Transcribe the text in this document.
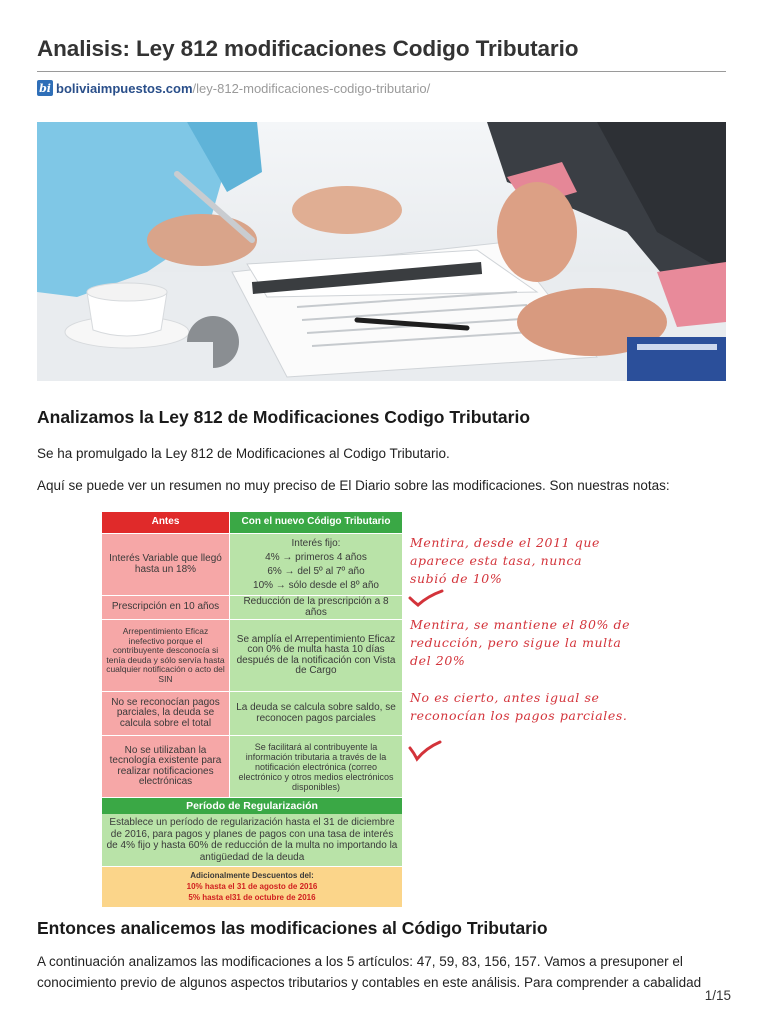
Analisis: Ley 812 modificaciones Codigo Tributario
bi boliviaimpuestos.com /ley-812-modificaciones-codigo-tributario/
Analizamos la Ley 812 de Modificaciones Codigo Tributario
Se ha promulgado la Ley 812 de Modificaciones al Codigo Tributario.
Aquí se puede ver un resumen no muy preciso de El Diario sobre las modificaciones. Son nuestras notas:
Antes	Con el nuevo Código Tributario
Interés Variable que llegó hasta un 18%
Interés fijo:
4% → primeros 4 años
6% → del 5º al 7º año
10% → sólo desde el 8º año
Prescripción en 10 años	Reducción de la prescripción a 8 años
Arrepentimiento Eficaz inefectivo porque el contribuyente desconocía si tenía deuda y sólo servía hasta cualquier notificación o acto del SIN
Se amplía el Arrepentimiento Eficaz con 0% de multa hasta 10 días después de la notificación con Vista de Cargo
No se reconocían pagos parciales, la deuda se calcula sobre el total
La deuda se calcula sobre saldo, se reconocen pagos parciales
No se utilizaban la tecnología existente para realizar notificaciones electrónicas
Se facilitará al contribuyente la información tributaria a través de la notificación electrónica (correo electrónico y otros medios electrónicos disponibles)
Período de Regularización
Establece un período de regularización hasta el 31 de diciembre de 2016, para pagos y planes de pagos con una tasa de interés de 4% fijo y hasta 60% de reducción de la multa no importando la antigüedad de la deuda
Adicionalmente Descuentos del:
10% hasta el 31 de agosto de 2016
5% hasta el31 de octubre de 2016
Mentira, desde el 2011 que aparece esta tasa, nunca subió de 10%
Mentira, se mantiene el 80% de reducción, pero sigue la multa del 20%
No es cierto, antes igual se reconocían los pagos parciales.
Entonces analicemos las modificaciones al Código Tributario
A continuación analizamos las modificaciones a los 5 artículos: 47, 59, 83, 156, 157. Vamos a presuponer el conocimiento previo de algunos aspectos tributarios y contables en este análisis. Para comprender a cabalidad
1/15
